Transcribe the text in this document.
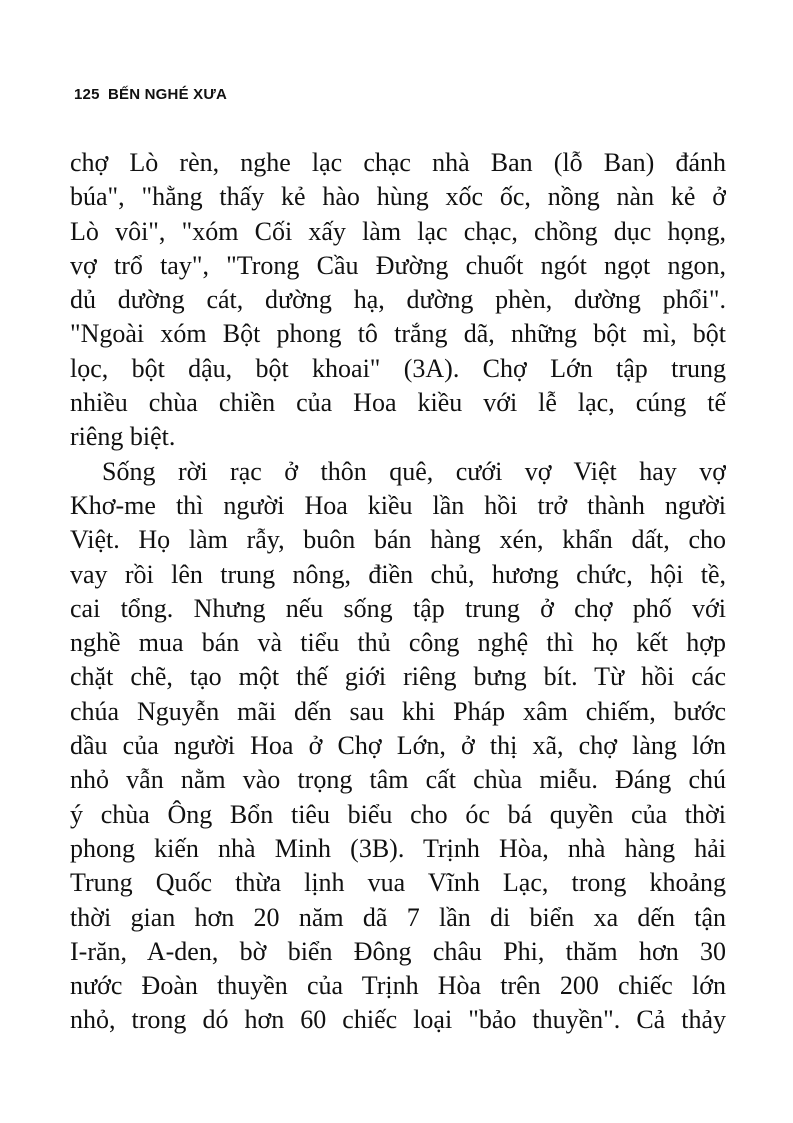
125 BẾN NGHÉ XƯA
chợ Lò rèn, nghe lạc chạc nhà Ban (lỗ Ban) đánh
búa", "hằng thấy kẻ hào hùng xốc ốc, nồng nàn kẻ ở
Lò vôi", "xóm Cối xấy làm lạc chạc, chồng dục họng,
vợ trổ tay", "Trong Cầu Đường chuốt ngót ngọt ngon,
dủ dường cát, dường hạ, dường phèn, dường phổi".
"Ngoài xóm Bột phong tô trắng dã, những bột mì, bột
lọc, bột dậu, bột khoai" (3A). Chợ Lớn tập trung
nhiều chùa chiền của Hoa kiều với lễ lạc, cúng tế
riêng biệt.
Sống rời rạc ở thôn quê, cưới vợ Việt hay vợ
Khơ-me thì người Hoa kiều lần hồi trở thành người
Việt. Họ làm rẫy, buôn bán hàng xén, khẩn dất, cho
vay rồi lên trung nông, điền chủ, hương chức, hội tề,
cai tổng. Nhưng nếu sống tập trung ở chợ phố với
nghề mua bán và tiểu thủ công nghệ thì họ kết hợp
chặt chẽ, tạo một thế giới riêng bưng bít. Từ hồi các
chúa Nguyễn mãi dến sau khi Pháp xâm chiếm, bước
dầu của người Hoa ở Chợ Lớn, ở thị xã, chợ làng lớn
nhỏ vẫn nằm vào trọng tâm cất chùa miễu. Đáng chú
ý chùa Ông Bổn tiêu biểu cho óc bá quyền của thời
phong kiến nhà Minh (3B). Trịnh Hòa, nhà hàng hải
Trung Quốc thừa lịnh vua Vĩnh Lạc, trong khoảng
thời gian hơn 20 năm dã 7 lần di biển xa dến tận
I-răn, A-den, bờ biển Đông châu Phi, thăm hơn 30
nước Đoàn thuyền của Trịnh Hòa trên 200 chiếc lớn
nhỏ, trong dó hơn 60 chiếc loại "bảo thuyền". Cả thảy
